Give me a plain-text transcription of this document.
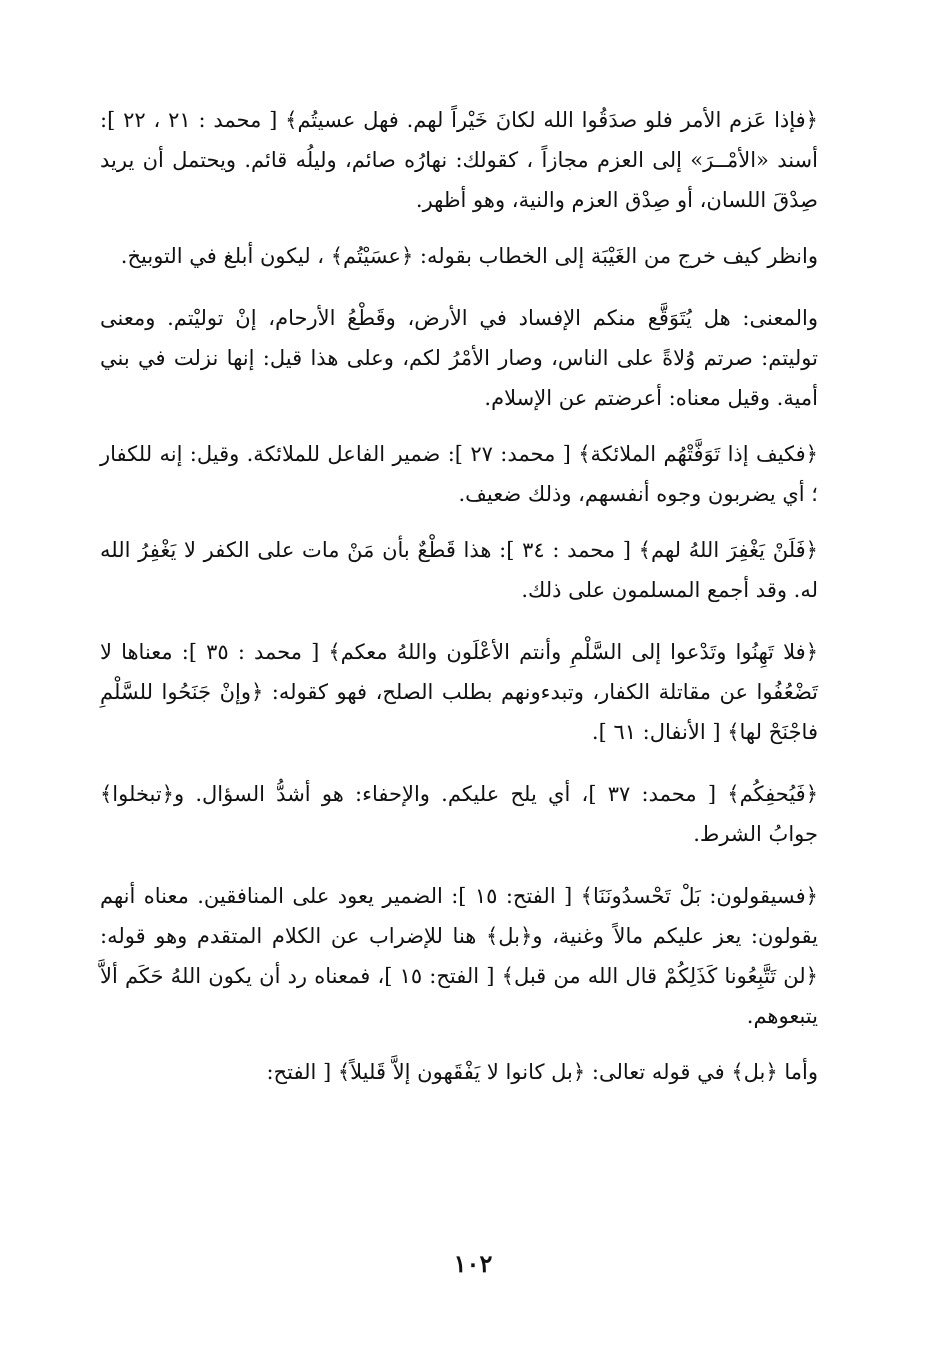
﴿فإذا عَزم الأمر فلو صدَقُوا الله لكانَ خَيْراً لهم. فهل عسيتُم﴾ [ محمد : ٢١ ، ٢٢ ]: أسند «الأمْــرَ» إلى العزم مجازاً ، كقولك: نهارُه صائم، وليلُه قائم. ويحتمل أن يريد صِدْقَ اللسان، أو صِدْق العزم والنية، وهو أظهر.

وانظر كيف خرج من الغَيْبَة إلى الخطاب بقوله: ﴿عسَيْتُم﴾ ، ليكون أبلغ في التوبيخ.

والمعنى: هل يُتَوَقَّع منكم الإفساد في الأرض، وقَطْعُ الأرحام، إنْ توليْتم. ومعنى توليتم: صرتم وُلاةً على الناس، وصار الأمْرُ لكم، وعلى هذا قيل: إنها نزلت في بني أمية. وقيل معناه: أعرضتم عن الإسلام.

﴿فكيف إذا تَوَفَّتْهُم الملائكة﴾ [ محمد: ٢٧ ]: ضمير الفاعل للملائكة. وقيل: إنه للكفار ؛ أي يضربون وجوه أنفسهم، وذلك ضعيف.

﴿فَلَنْ يَغْفِرَ اللهُ لهم﴾ [ محمد : ٣٤ ]: هذا قَطْعٌ بأن مَنْ مات على الكفر لا يَغْفِرُ الله له. وقد أجمع المسلمون على ذلك.

﴿فلا تَهِنُوا وتَدْعوا إلى السَّلْمِ وأنتم الأعْلَون واللهُ معكم﴾ [ محمد : ٣٥ ]: معناها لا تَضْعُفُوا عن مقاتلة الكفار، وتبدءونهم بطلب الصلح، فهو كقوله: ﴿وإنْ جَنَحُوا للسَّلْمِ فاجْنَحْ لها﴾ [ الأنفال: ٦١ ].

﴿فَيُحفِكُم﴾ [ محمد: ٣٧ ]، أي يلح عليكم. والإحفاء: هو أشدُّ السؤال. و﴿تبخلوا﴾ جوابُ الشرط.

﴿فسيقولون: بَلْ تَحْسدُونَنَا﴾ [ الفتح: ١٥ ]: الضمير يعود على المنافقين. معناه أنهم يقولون: يعز عليكم مالاً وغنية، و﴿بل﴾ هنا للإضراب عن الكلام المتقدم وهو قوله: ﴿لن تَتَّبِعُونا كَذَلِكُمْ قال الله من قبل﴾ [ الفتح: ١٥ ]، فمعناه رد أن يكون اللهُ حَكَم ألاَّ يتبعوهم.

وأما ﴿بل﴾ في قوله تعالى: ﴿بل كانوا لا يَفْقَهون إلاَّ قَليلاً﴾ [ الفتح:

١٠٢
